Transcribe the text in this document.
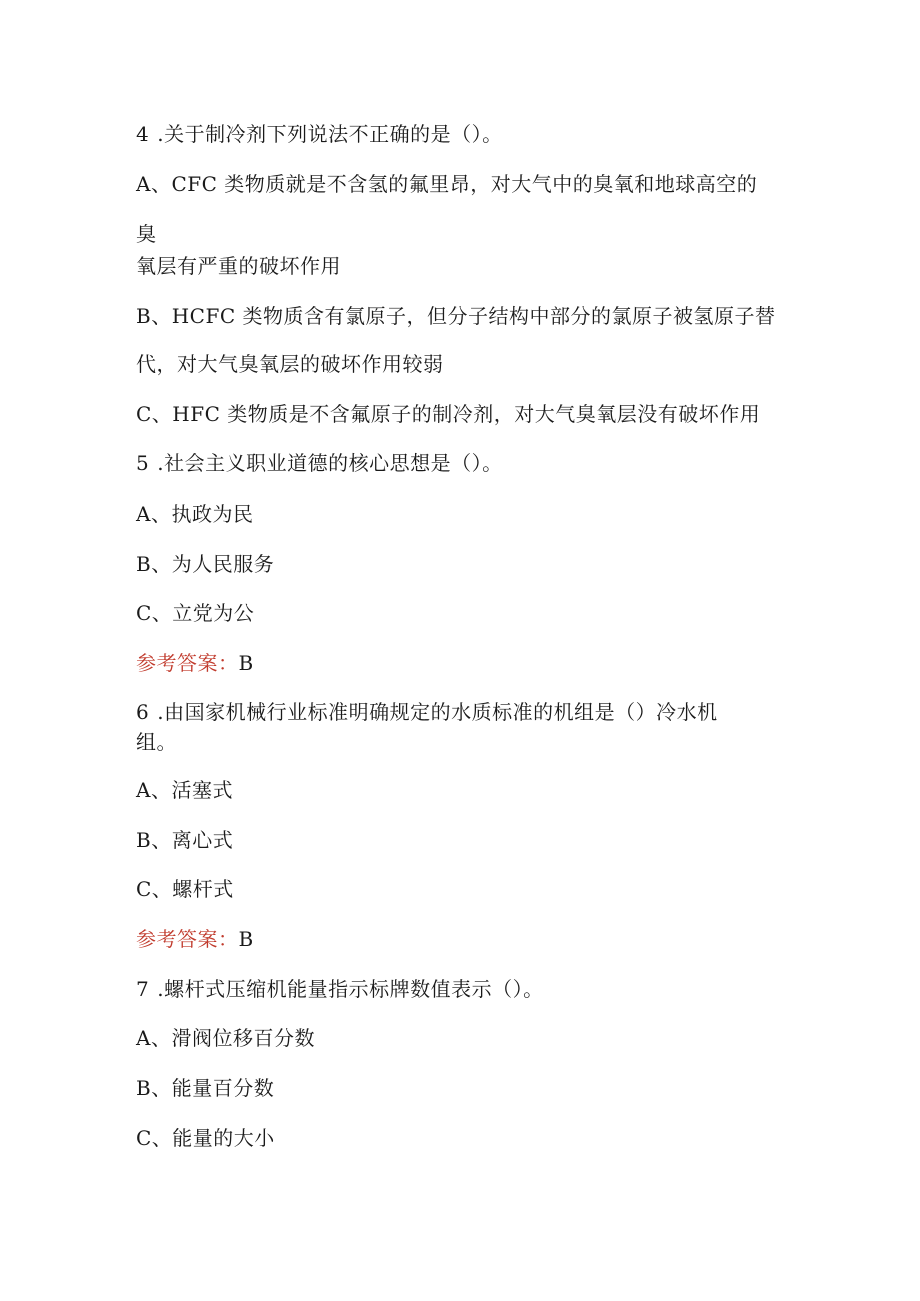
4 .关于制冷剂下列说法不正确的是（）。
A、CFC 类物质就是不含氢的氟里昂，对大气中的臭氧和地球高空的
臭
氧层有严重的破坏作用
B、HCFC 类物质含有氯原子，但分子结构中部分的氯原子被氢原子替
代，对大气臭氧层的破坏作用较弱
C、HFC 类物质是不含氟原子的制冷剂，对大气臭氧层没有破坏作用
5 .社会主义职业道德的核心思想是（）。
A、执政为民
B、为人民服务
C、立党为公
参考答案：B
6 .由国家机械行业标准明确规定的水质标准的机组是（）冷水机
组。
A、活塞式
B、离心式
C、螺杆式
参考答案：B
7 .螺杆式压缩机能量指示标牌数值表示（）。
A、滑阀位移百分数
B、能量百分数
C、能量的大小
